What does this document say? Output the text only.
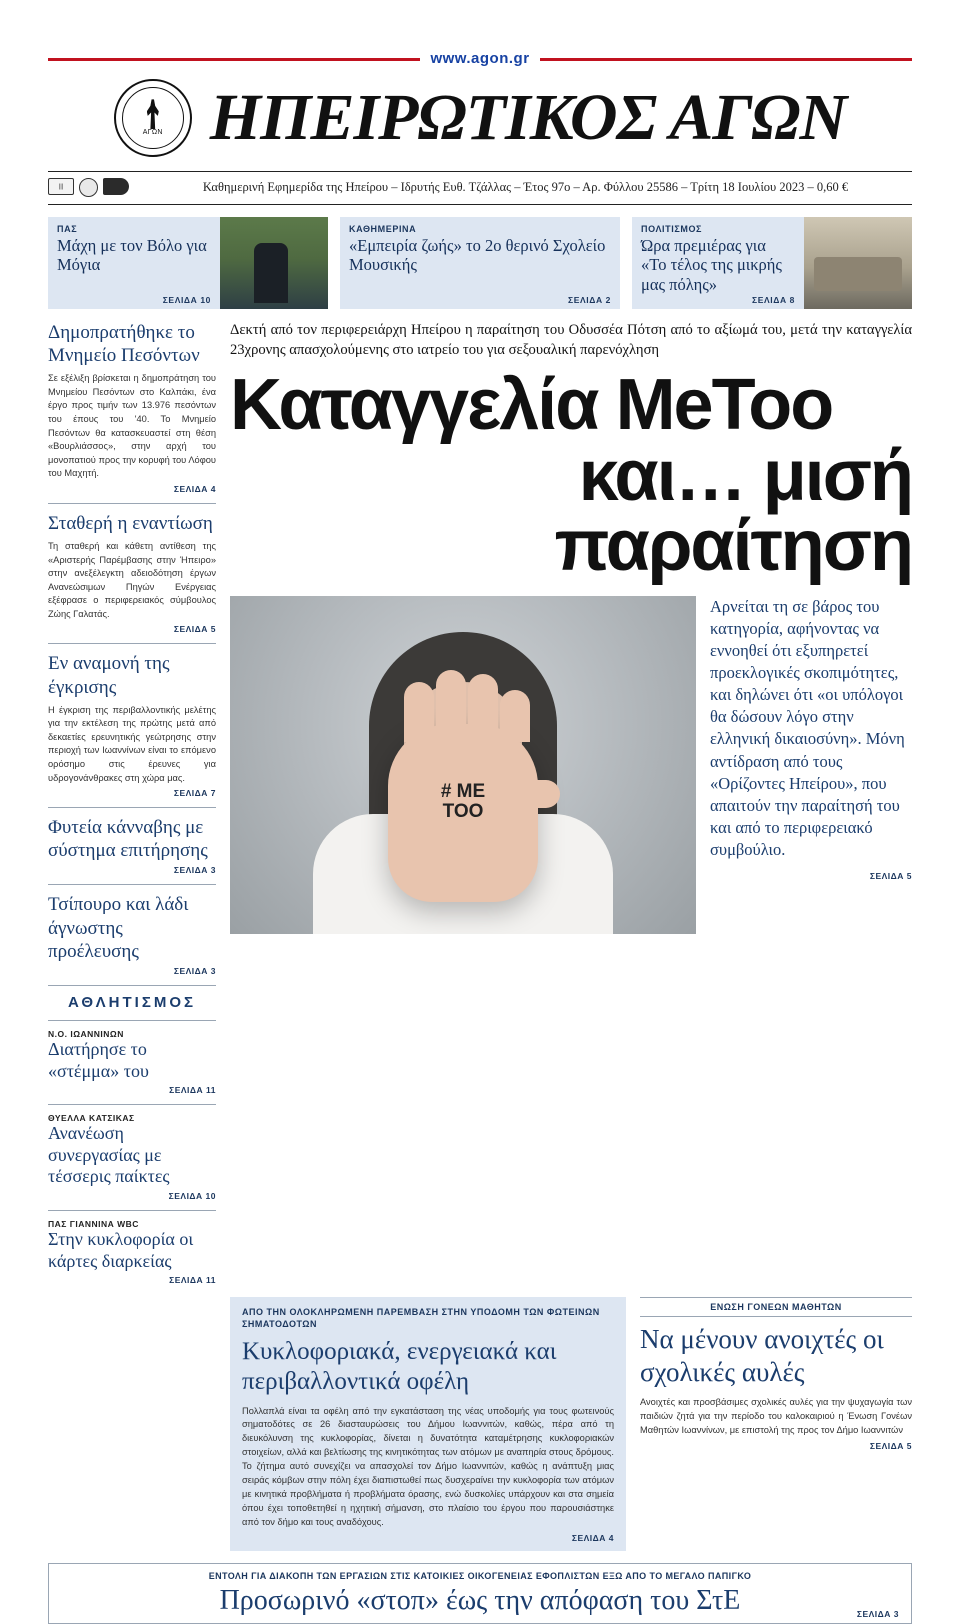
www.agon.gr
ΑΓΩΝ ΗΠΕΙΡΩΤΙΚΟΣ ΑΓΩΝ
|||	Καθημερινή Εφημερίδα της Ηπείρου – Ιδρυτής Ευθ. Τζάλλας – Έτος 97ο – Αρ. Φύλλου 25586 – Τρίτη 18 Ιουλίου 2023 – 0,60 €
ΠΑΣ
Μάχη με τον Βόλο για Μόγια
ΣΕΛΙΔΑ 10
ΚΑΘΗΜΕΡΙΝΑ
«Εμπειρία ζωής» το 2ο θερινό Σχολείο Μουσικής
ΣΕΛΙΔΑ 2
ΠΟΛΙΤΙΣΜΟΣ
Ώρα πρεμιέρας για «Το τέλος της μικρής μας πόλης»
ΣΕΛΙΔΑ 8
Δημοπρατήθηκε το Μνημείο Πεσόντων
Σε εξέλιξη βρίσκεται η δημοπράτηση του Μνημείου Πεσόντων στο Καλπάκι, ένα έργο προς τιμήν των 13.976 πεσόντων του έπους του '40. Το Μνημείο Πεσόντων θα κατασκευαστεί στη θέση «Βουρλιάσσος», στην αρχή του μονοπατιού προς την κορυφή του Λόφου του Μαχητή.
ΣΕΛΙΔΑ 4
Σταθερή η εναντίωση
Τη σταθερή και κάθετη αντίθεση της «Αριστερής Παρέμβασης στην Ήπειρο» στην ανεξέλεγκτη αδειοδότηση έργων Ανανεώσιμων Πηγών Ενέργειας εξέφρασε ο περιφερειακός σύμβουλος Ζώης Γαλατάς.
ΣΕΛΙΔΑ 5
Εν αναμονή της έγκρισης
Η έγκριση της περιβαλλοντικής μελέτης για την εκτέλεση της πρώτης μετά από δεκαετίες ερευνητικής γεώτρησης στην περιοχή των Ιωαννίνων είναι το επόμενο ορόσημο στις έρευνες για υδρογονάνθρακες στη χώρα μας.
ΣΕΛΙΔΑ 7
Φυτεία κάνναβης με σύστημα επιτήρησης
ΣΕΛΙΔΑ 3
Τσίπουρο και λάδι άγνωστης προέλευσης
ΣΕΛΙΔΑ 3
ΑΘΛΗΤΙΣΜΟΣ
Ν.Ο. ΙΩΑΝΝΙΝΩΝ
Διατήρησε το «στέμμα» του
ΣΕΛΙΔΑ 11
ΘΥΕΛΛΑ ΚΑΤΣΙΚΑΣ
Ανανέωση συνεργασίας με τέσσερις παίκτες
ΣΕΛΙΔΑ 10
ΠΑΣ ΓΙΑΝΝΙΝΑ WBC
Στην κυκλοφορία οι κάρτες διαρκείας
ΣΕΛΙΔΑ 11
Δεκτή από τον περιφερειάρχη Ηπείρου η παραίτηση του Οδυσσέα Πότση από το αξίωμά του, μετά την καταγγελία 23χρονης απασχολούμενης στο ιατρείο του για σεξουαλική παρενόχληση
Καταγγελία MeToo
και… μισή παραίτηση
# ME
TOO

Αρνείται τη σε βάρος του κατηγορία, αφήνοντας να εννοηθεί ότι εξυπηρετεί προεκλογικές σκοπιμότητες, και δηλώνει ότι «οι υπόλογοι θα δώσουν λόγο στην ελληνική δικαιοσύνη». Μόνη αντίδραση από τους «Ορίζοντες Ηπείρου», που απαιτούν την παραίτησή του και από το περιφερειακό συμβούλιο.

ΣΕΛΙΔΑ 5
ΑΠΟ ΤΗΝ ΟΛΟΚΛΗΡΩΜΕΝΗ ΠΑΡΕΜΒΑΣΗ ΣΤΗΝ ΥΠΟΔΟΜΗ ΤΩΝ ΦΩΤΕΙΝΩΝ ΣΗΜΑΤΟΔΟΤΩΝ
Κυκλοφοριακά, ενεργειακά και περιβαλλοντικά οφέλη
Πολλαπλά είναι τα οφέλη από την εγκατάσταση της νέας υποδομής για τους φωτεινούς σηματοδότες σε 26 διασταυρώσεις του Δήμου Ιωαννιτών, καθώς, πέρα από τη διευκόλυνση της κυκλοφορίας, δίνεται η δυνατότητα καταμέτρησης κυκλοφοριακών στοιχείων, αλλά και βελτίωσης της κινητικότητας των ατόμων με αναπηρία στους δρόμους. Το ζήτημα αυτό συνεχίζει να απασχολεί τον Δήμο Ιωαννιτών, καθώς η ανάπτυξη μιας σειράς κόμβων στην πόλη έχει διαπιστωθεί πως δυσχεραίνει την κυκλοφορία των ατόμων με κινητικά προβλήματα ή προβλήματα όρασης, ενώ δυσκολίες υπάρχουν και στα σημεία όπου έχει τοποθετηθεί η ηχητική σήμανση, στο πλαίσιο του έργου που παρουσιάστηκε από τον δήμο και τους αναδόχους.
ΣΕΛΙΔΑ 4
ΕΝΩΣΗ ΓΟΝΕΩΝ ΜΑΘΗΤΩΝ
Να μένουν ανοιχτές οι σχολικές αυλές
Ανοιχτές και προσβάσιμες σχολικές αυλές για την ψυχαγωγία των παιδιών ζητά για την περίοδο του καλοκαιριού η Ένωση Γονέων Μαθητών Ιωαννίνων, με επιστολή της προς τον Δήμο Ιωαννιτών
ΣΕΛΙΔΑ 5
ΕΝΤΟΛΗ ΓΙΑ ΔΙΑΚΟΠΗ ΤΩΝ ΕΡΓΑΣΙΩΝ ΣΤΙΣ ΚΑΤΟΙΚΙΕΣ ΟΙΚΟΓΕΝΕΙΑΣ ΕΦΟΠΛΙΣΤΩΝ ΕΞΩ ΑΠΟ ΤΟ ΜΕΓΑΛΟ ΠΑΠΙΓΚΟ
Προσωρινό «στοπ» έως την απόφαση του ΣτΕ	ΣΕΛΙΔΑ 3
